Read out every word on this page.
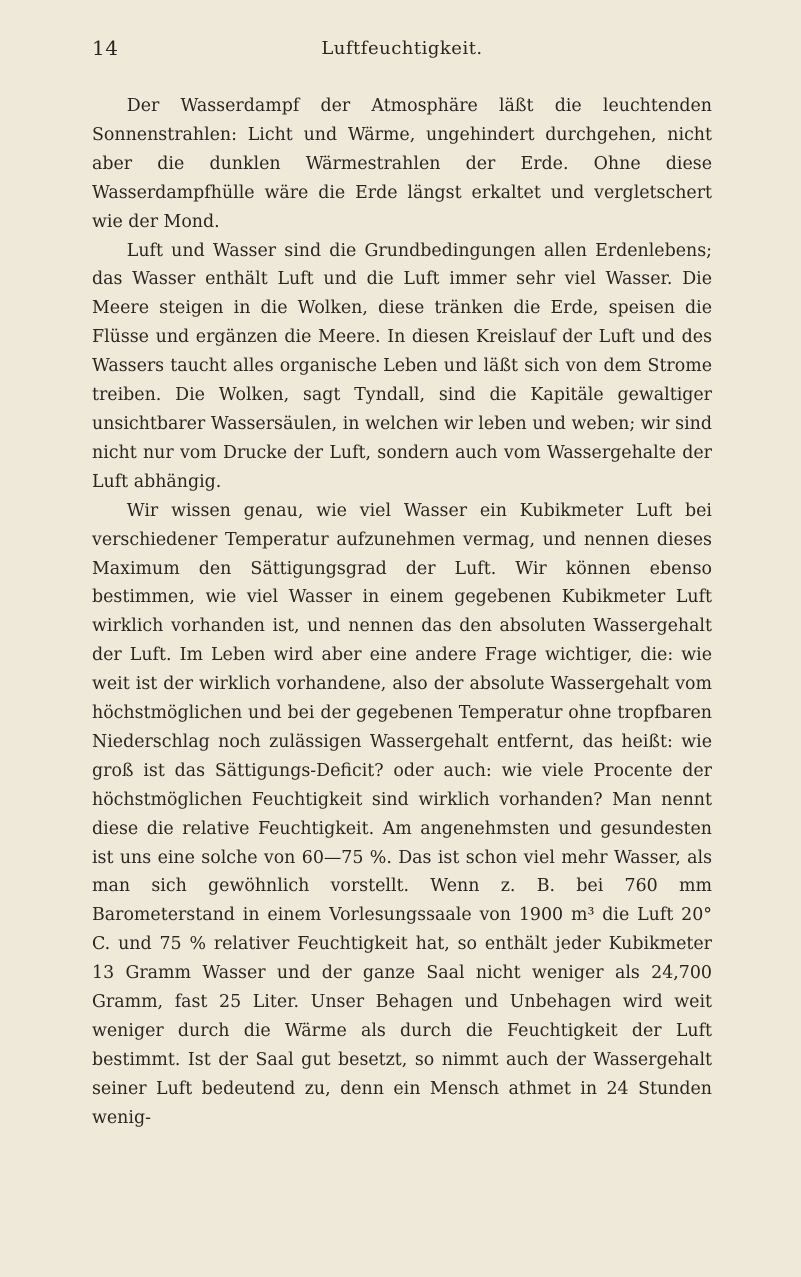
14	Luftfeuchtigkeit.

Der Wasserdampf der Atmosphäre läßt die leuchtenden Sonnenstrahlen: Licht und Wärme, ungehindert durchgehen, nicht aber die dunklen Wärmestrahlen der Erde. Ohne diese Wasserdampfhülle wäre die Erde längst erkaltet und vergletschert wie der Mond.

Luft und Wasser sind die Grundbedingungen allen Erdenlebens; das Wasser enthält Luft und die Luft immer sehr viel Wasser. Die Meere steigen in die Wolken, diese tränken die Erde, speisen die Flüsse und ergänzen die Meere. In diesen Kreislauf der Luft und des Wassers taucht alles organische Leben und läßt sich von dem Strome treiben. Die Wolken, sagt Tyndall, sind die Kapitäle gewaltiger unsichtbarer Wassersäulen, in welchen wir leben und weben; wir sind nicht nur vom Drucke der Luft, sondern auch vom Wassergehalte der Luft abhängig.

Wir wissen genau, wie viel Wasser ein Kubikmeter Luft bei verschiedener Temperatur aufzunehmen vermag, und nennen dieses Maximum den Sättigungsgrad der Luft. Wir können ebenso bestimmen, wie viel Wasser in einem gegebenen Kubikmeter Luft wirklich vorhanden ist, und nennen das den absoluten Wassergehalt der Luft. Im Leben wird aber eine andere Frage wichtiger, die: wie weit ist der wirklich vorhandene, also der absolute Wassergehalt vom höchstmöglichen und bei der gegebenen Temperatur ohne tropfbaren Niederschlag noch zulässigen Wassergehalt entfernt, das heißt: wie groß ist das Sättigungs-Deficit? oder auch: wie viele Procente der höchstmöglichen Feuchtigkeit sind wirklich vorhanden? Man nennt diese die relative Feuchtigkeit. Am angenehmsten und gesundesten ist uns eine solche von 60—75 %. Das ist schon viel mehr Wasser, als man sich gewöhnlich vorstellt. Wenn z. B. bei 760 mm Barometerstand in einem Vorlesungssaale von 1900 m³ die Luft 20° C. und 75 % relativer Feuchtigkeit hat, so enthält jeder Kubikmeter 13 Gramm Wasser und der ganze Saal nicht weniger als 24,700 Gramm, fast 25 Liter. Unser Behagen und Unbehagen wird weit weniger durch die Wärme als durch die Feuchtigkeit der Luft bestimmt. Ist der Saal gut besetzt, so nimmt auch der Wassergehalt seiner Luft bedeutend zu, denn ein Mensch athmet in 24 Stunden wenig-
